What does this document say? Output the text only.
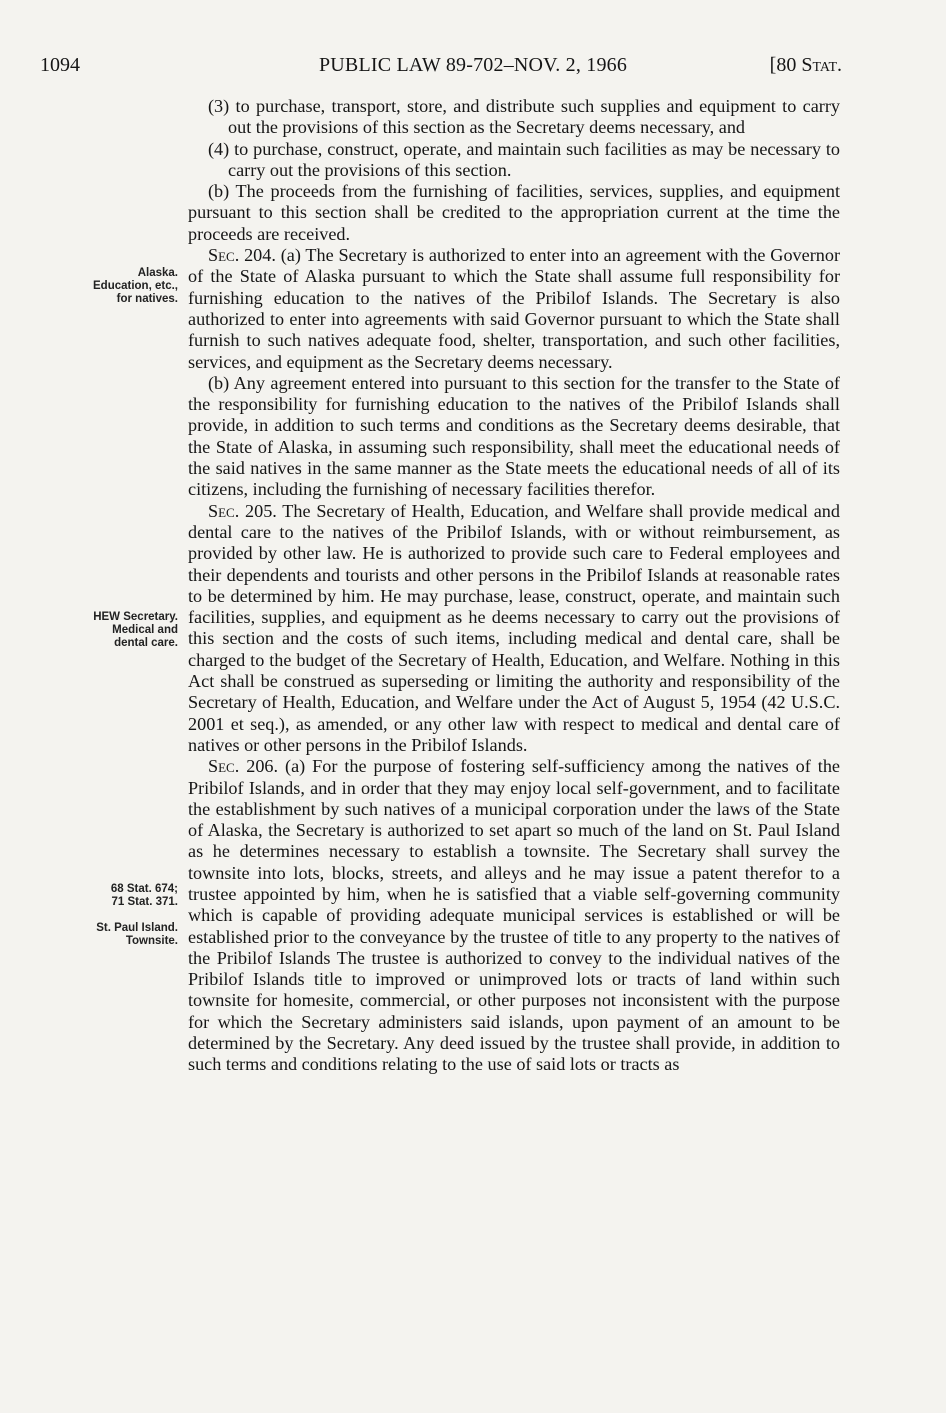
1094	PUBLIC LAW 89-702–NOV. 2, 1966	[80 Stat.
Alaska.
Education, etc.,
for natives.
HEW Secretary.
Medical and
dental care.
68 Stat. 674;
71 Stat. 371.
St. Paul Island.
Townsite.

(3) to purchase, transport, store, and distribute such supplies and equipment to carry out the provisions of this section as the Secretary deems necessary, and

(4) to purchase, construct, operate, and maintain such facilities as may be necessary to carry out the provisions of this section.

(b) The proceeds from the furnishing of facilities, services, supplies, and equipment pursuant to this section shall be credited to the appropriation current at the time the proceeds are received.

Sec. 204. (a) The Secretary is authorized to enter into an agreement with the Governor of the State of Alaska pursuant to which the State shall assume full responsibility for furnishing education to the natives of the Pribilof Islands. The Secretary is also authorized to enter into agreements with said Governor pursuant to which the State shall furnish to such natives adequate food, shelter, transportation, and such other facilities, services, and equipment as the Secretary deems necessary.

(b) Any agreement entered into pursuant to this section for the transfer to the State of the responsibility for furnishing education to the natives of the Pribilof Islands shall provide, in addition to such terms and conditions as the Secretary deems desirable, that the State of Alaska, in assuming such responsibility, shall meet the educational needs of the said natives in the same manner as the State meets the educational needs of all of its citizens, including the furnishing of necessary facilities therefor.

Sec. 205. The Secretary of Health, Education, and Welfare shall provide medical and dental care to the natives of the Pribilof Islands, with or without reimbursement, as provided by other law. He is authorized to provide such care to Federal employees and their dependents and tourists and other persons in the Pribilof Islands at reasonable rates to be determined by him. He may purchase, lease, construct, operate, and maintain such facilities, supplies, and equipment as he deems necessary to carry out the provisions of this section and the costs of such items, including medical and dental care, shall be charged to the budget of the Secretary of Health, Education, and Welfare. Nothing in this Act shall be construed as superseding or limiting the authority and responsibility of the Secretary of Health, Education, and Welfare under the Act of August 5, 1954 (42 U.S.C. 2001 et seq.), as amended, or any other law with respect to medical and dental care of natives or other persons in the Pribilof Islands.

Sec. 206. (a) For the purpose of fostering self-sufficiency among the natives of the Pribilof Islands, and in order that they may enjoy local self-government, and to facilitate the establishment by such natives of a municipal corporation under the laws of the State of Alaska, the Secretary is authorized to set apart so much of the land on St. Paul Island as he determines necessary to establish a townsite. The Secretary shall survey the townsite into lots, blocks, streets, and alleys and he may issue a patent therefor to a trustee appointed by him, when he is satisfied that a viable self-governing community which is capable of providing adequate municipal services is established or will be established prior to the conveyance by the trustee of title to any property to the natives of the Pribilof Islands The trustee is authorized to convey to the individual natives of the Pribilof Islands title to improved or unimproved lots or tracts of land within such townsite for homesite, commercial, or other purposes not inconsistent with the purpose for which the Secretary administers said islands, upon payment of an amount to be determined by the Secretary. Any deed issued by the trustee shall provide, in addition to such terms and conditions relating to the use of said lots or tracts as
